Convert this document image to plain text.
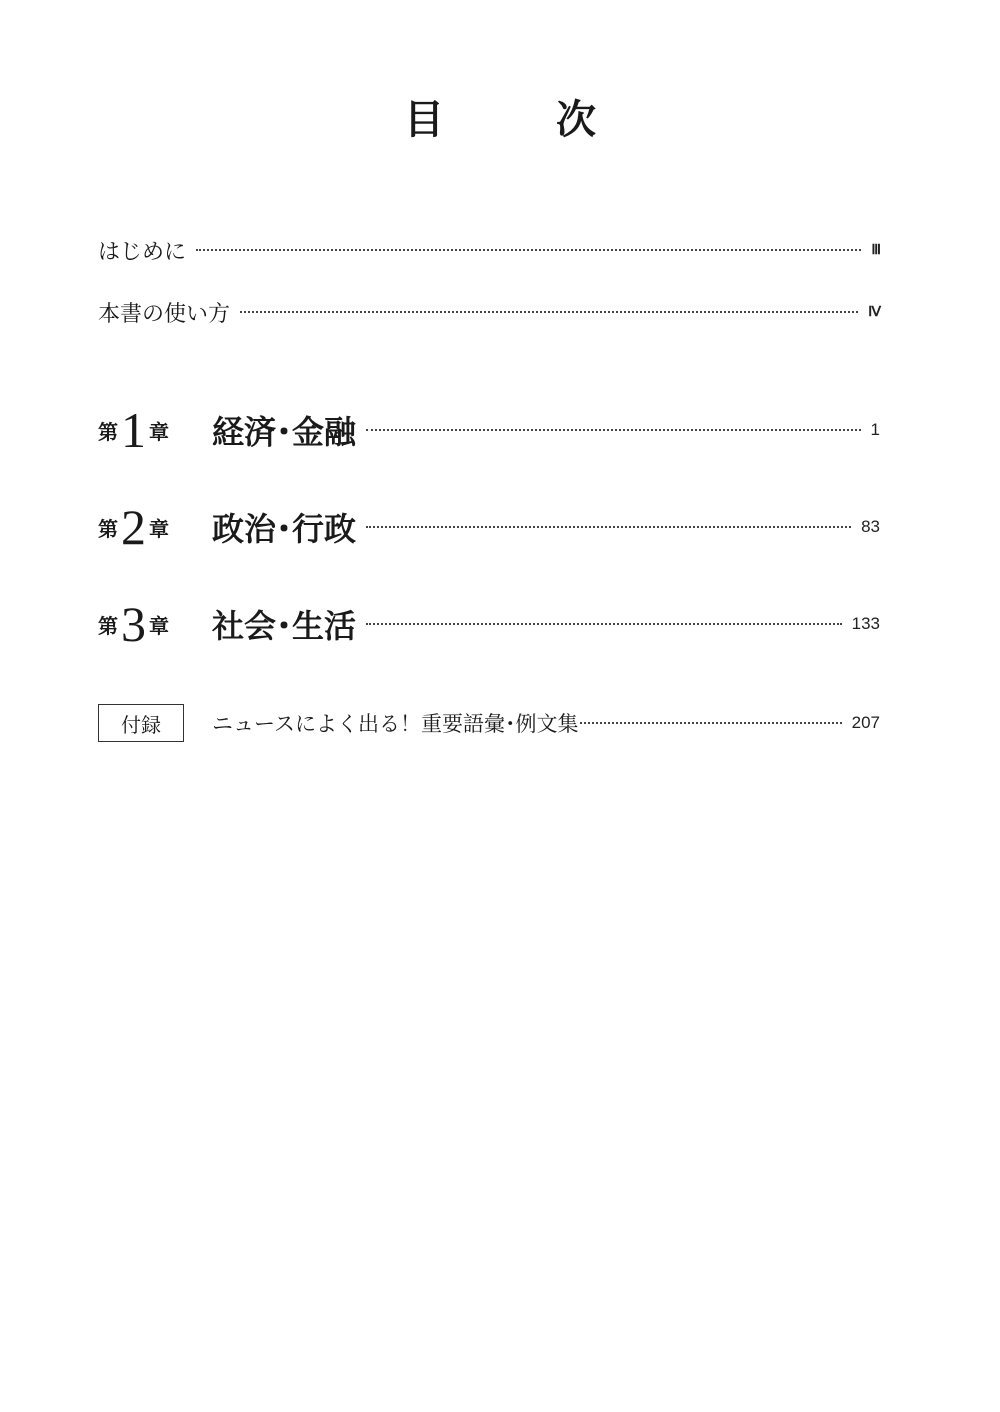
目　次
はじめに	Ⅲ
本書の使い方	Ⅳ
第 1 章 経済･金融	1
第 2 章 政治･行政	83
第 3 章 社会･生活	133
付録	ニュースによく出る！重要語彙･例文集	207
